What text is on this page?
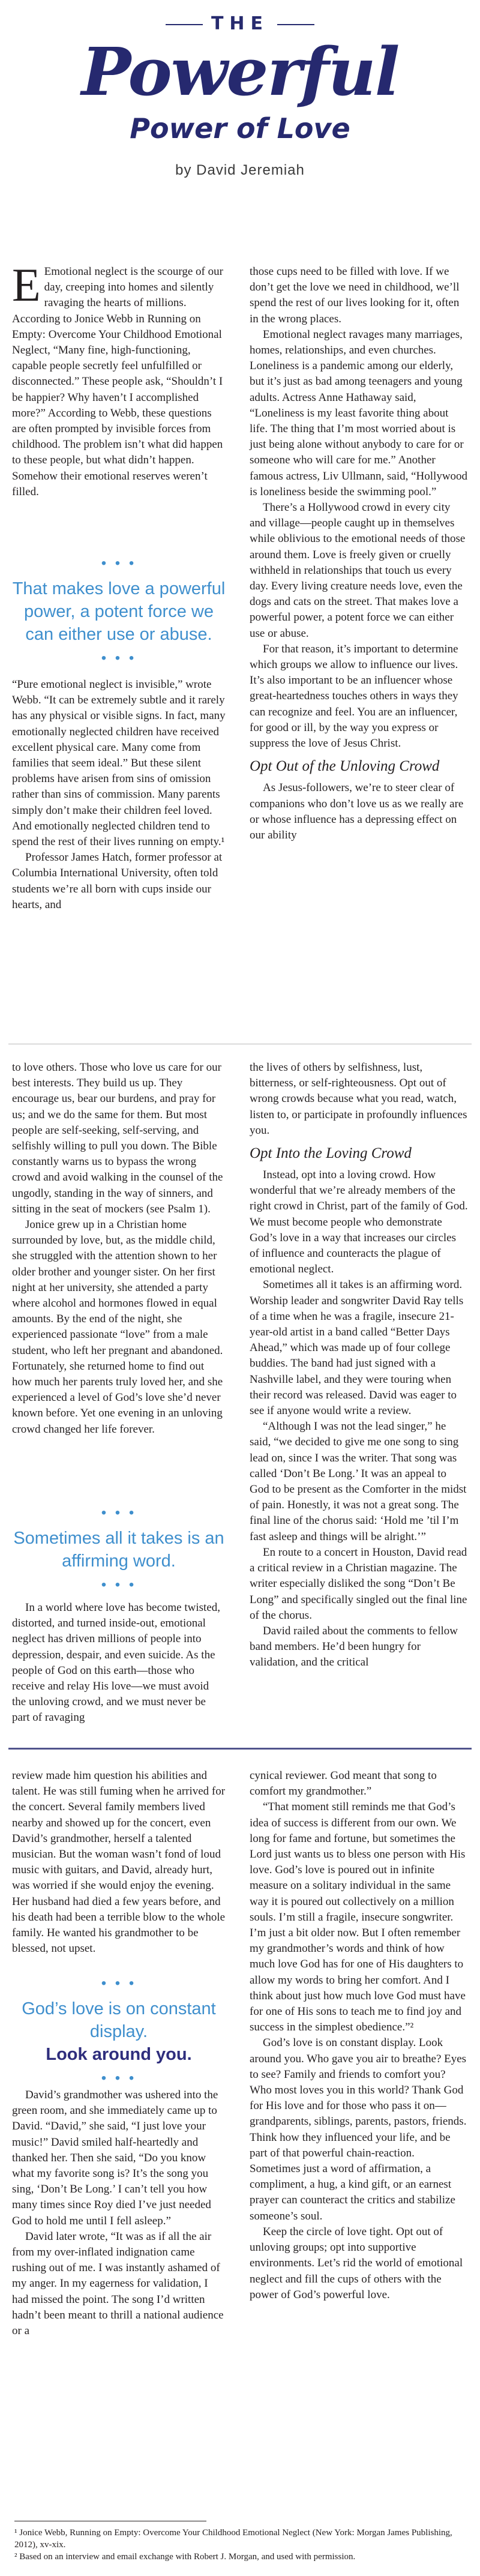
THE
Powerful
Power of Love
by David Jeremiah

E Emotional neglect is the scourge of our day, creeping into homes and silently ravaging the hearts of millions. According to Jonice Webb in Running on Empty: Overcome Your Childhood Emotional Neglect, “Many fine, high-functioning, capable people secretly feel unfulfilled or disconnected.” These people ask, “Shouldn’t I be happier? Why haven’t I accomplished more?” According to Webb, these questions are often prompted by invisible forces from childhood. The problem isn’t what did happen to these people, but what didn’t happen. Somehow their emotional reserves weren’t filled.

• • •
That makes love a powerful power, a potent force we can either use or abuse.
• • •

“Pure emotional neglect is invisible,” wrote Webb. “It can be extremely subtle and it rarely has any physical or visible signs. In fact, many emotionally neglected children have received excellent physical care. Many come from families that seem ideal.” But these silent problems have arisen from sins of omission rather than sins of commission. Many parents simply don’t make their children feel loved. And emotionally neglected children tend to spend the rest of their lives running on empty.¹

Professor James Hatch, former professor at Columbia International University, often told students we’re all born with cups inside our hearts, and

those cups need to be filled with love. If we don’t get the love we need in childhood, we’ll spend the rest of our lives looking for it, often in the wrong places.

Emotional neglect ravages many marriages, homes, relationships, and even churches. Loneliness is a pandemic among our elderly, but it’s just as bad among teenagers and young adults. Actress Anne Hathaway said, “Loneliness is my least favorite thing about life. The thing that I’m most worried about is just being alone without anybody to care for or someone who will care for me.” Another famous actress, Liv Ullmann, said, “Hollywood is loneliness beside the swimming pool.”

There’s a Hollywood crowd in every city and village—people caught up in themselves while oblivious to the emotional needs of those around them. Love is freely given or cruelly withheld in relationships that touch us every day. Every living creature needs love, even the dogs and cats on the street. That makes love a powerful power, a potent force we can either use or abuse.

For that reason, it’s important to determine which groups we allow to influence our lives. It’s also important to be an influencer whose great-heartedness touches others in ways they can recognize and feel. You are an influencer, for good or ill, by the way you express or suppress the love of Jesus Christ.

Opt Out of the Unloving Crowd

As Jesus-followers, we’re to steer clear of companions who don’t love us as we really are or whose influence has a depressing effect on our ability

to love others. Those who love us care for our best interests. They build us up. They encourage us, bear our burdens, and pray for us; and we do the same for them. But most people are self-seeking, self-serving, and selfishly willing to pull you down. The Bible constantly warns us to bypass the wrong crowd and avoid walking in the counsel of the ungodly, standing in the way of sinners, and sitting in the seat of mockers (see Psalm 1).

Jonice grew up in a Christian home surrounded by love, but, as the middle child, she struggled with the attention shown to her older brother and younger sister. On her first night at her university, she attended a party where alcohol and hormones flowed in equal amounts. By the end of the night, she experienced passionate “love” from a male student, who left her pregnant and abandoned. Fortunately, she returned home to find out how much her parents truly loved her, and she experienced a level of God’s love she’d never known before. Yet one evening in an unloving crowd changed her life forever.

• • •
Sometimes all it takes is an affirming word.
• • •

In a world where love has become twisted, distorted, and turned inside-out, emotional neglect has driven millions of people into depression, despair, and even suicide. As the people of God on this earth—those who receive and relay His love—we must avoid the unloving crowd, and we must never be part of ravaging

the lives of others by selfishness, lust, bitterness, or self-righteousness. Opt out of wrong crowds because what you read, watch, listen to, or participate in profoundly influences you.

Opt Into the Loving Crowd

Instead, opt into a loving crowd. How wonderful that we’re already members of the right crowd in Christ, part of the family of God. We must become people who demonstrate God’s love in a way that increases our circles of influence and counteracts the plague of emotional neglect.

Sometimes all it takes is an affirming word. Worship leader and songwriter David Ray tells of a time when he was a fragile, insecure 21-year-old artist in a band called “Better Days Ahead,” which was made up of four college buddies. The band had just signed with a Nashville label, and they were touring when their record was released. David was eager to see if anyone would write a review.

“Although I was not the lead singer,” he said, “we decided to give me one song to sing lead on, since I was the writer. That song was called ‘Don’t Be Long.’ It was an appeal to God to be present as the Comforter in the midst of pain. Honestly, it was not a great song. The final line of the chorus said: ‘Hold me ’til I’m fast asleep and things will be alright.’”

En route to a concert in Houston, David read a critical review in a Christian magazine. The writer especially disliked the song “Don’t Be Long” and specifically singled out the final line of the chorus.

David railed about the comments to fellow band members. He’d been hungry for validation, and the critical

review made him question his abilities and talent. He was still fuming when he arrived for the concert. Several family members lived nearby and showed up for the concert, even David’s grandmother, herself a talented musician. But the woman wasn’t fond of loud music with guitars, and David, already hurt, was worried if she would enjoy the evening. Her husband had died a few years before, and his death had been a terrible blow to the whole family. He wanted his grandmother to be blessed, not upset.

• • •
God’s love is on constant display.
Look around you.
• • •

David’s grandmother was ushered into the green room, and she immediately came up to David. “David,” she said, “I just love your music!” David smiled half-heartedly and thanked her. Then she said, “Do you know what my favorite song is? It’s the song you sing, ‘Don’t Be Long.’ I can’t tell you how many times since Roy died I’ve just needed God to hold me until I fell asleep.”

David later wrote, “It was as if all the air from my over-inflated indignation came rushing out of me. I was instantly ashamed of my anger. In my eagerness for validation, I had missed the point. The song I’d written hadn’t been meant to thrill a national audience or a

cynical reviewer. God meant that song to comfort my grandmother.”

“That moment still reminds me that God’s idea of success is different from our own. We long for fame and fortune, but sometimes the Lord just wants us to bless one person with His love. God’s love is poured out in infinite measure on a solitary individual in the same way it is poured out collectively on a million souls. I’m still a fragile, insecure songwriter. I’m just a bit older now. But I often remember my grandmother’s words and think of how much love God has for one of His daughters to allow my words to bring her comfort. And I think about just how much love God must have for one of His sons to teach me to find joy and success in the simplest obedience.”²

God’s love is on constant display. Look around you. Who gave you air to breathe? Eyes to see? Family and friends to comfort you? Who most loves you in this world? Thank God for His love and for those who pass it on—grandparents, siblings, parents, pastors, friends. Think how they influenced your life, and be part of that powerful chain-reaction. Sometimes just a word of affirmation, a compliment, a hug, a kind gift, or an earnest prayer can counteract the critics and stabilize someone’s soul.

Keep the circle of love tight. Opt out of unloving groups; opt into supportive environments. Let’s rid the world of emotional neglect and fill the cups of others with the power of God’s powerful love.

¹ Jonice Webb, Running on Empty: Overcome Your Childhood Emotional Neglect (New York: Morgan James Publishing, 2012), xv-xix.
² Based on an interview and email exchange with Robert J. Morgan, and used with permission.
